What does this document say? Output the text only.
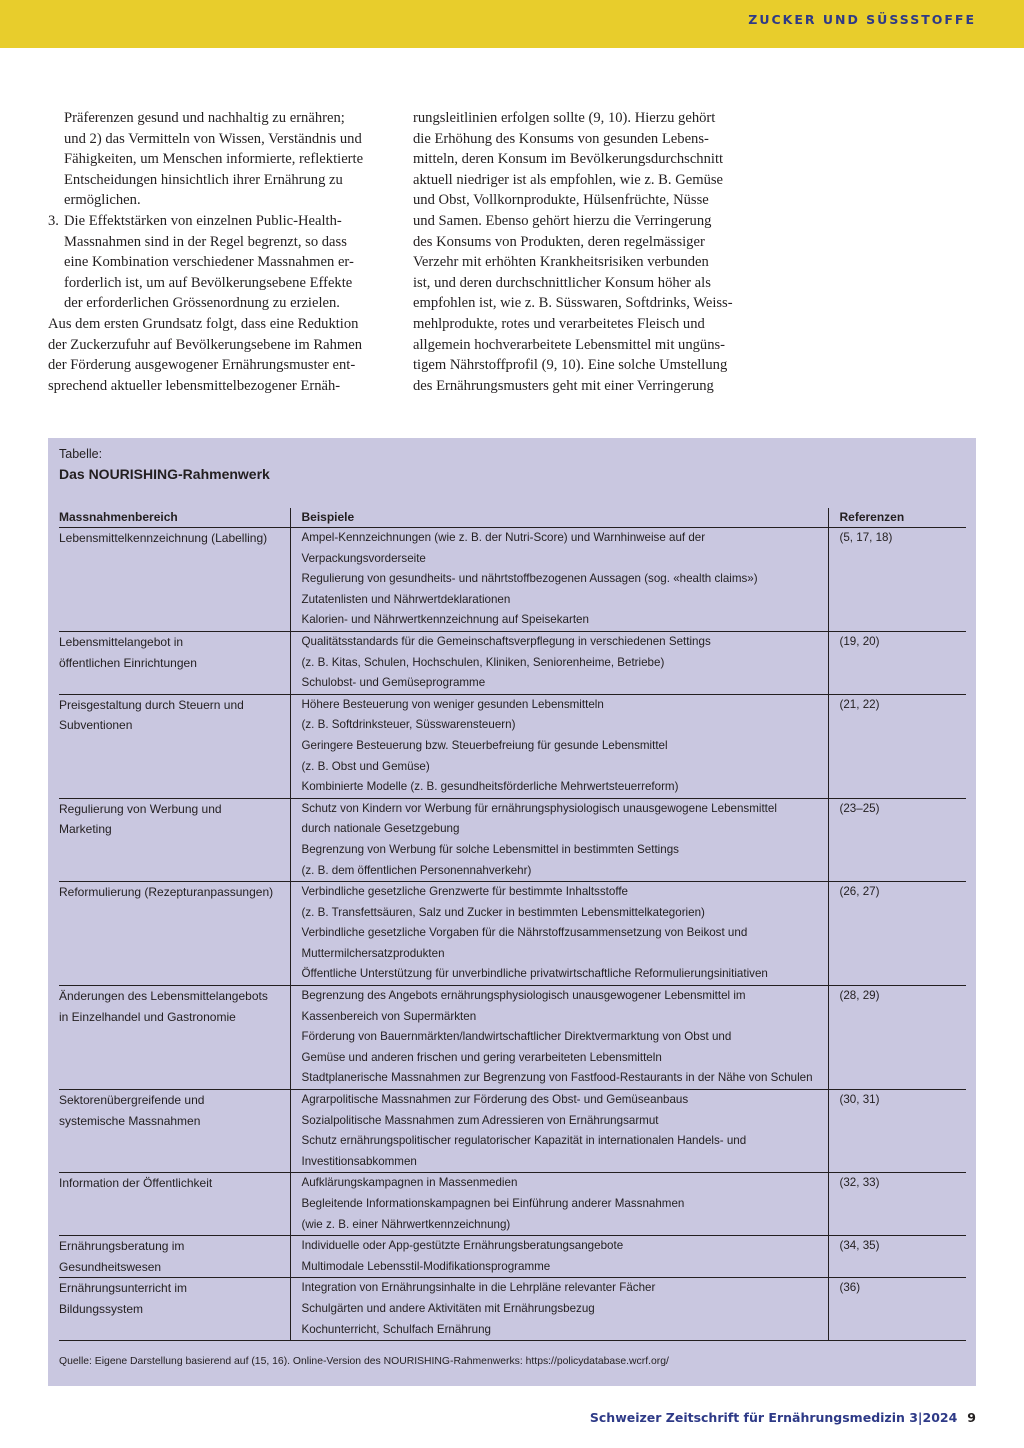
ZUCKER UND SÜSSSTOFFE

Präferenzen gesund und nachhaltig zu ernähren;

und 2) das Vermitteln von Wissen, Verständnis und

Fähigkeiten, um Menschen informierte, reflektierte

Entscheidungen hinsichtlich ihrer Ernährung zu

ermöglichen.

3. Die Effektstärken von einzelnen Public-Health-

Massnahmen sind in der Regel begrenzt, so dass

eine Kombination verschiedener Massnahmen er-

forderlich ist, um auf Bevölkerungsebene Effekte

der erforderlichen Grössenordnung zu erzielen.

Aus dem ersten Grundsatz folgt, dass eine Reduktion

der Zuckerzufuhr auf Bevölkerungsebene im Rahmen

der Förderung ausgewogener Ernährungsmuster ent-

sprechend aktueller lebensmittelbezogener Ernäh-

rungsleitlinien erfolgen sollte (9, 10). Hierzu gehört

die Erhöhung des Konsums von gesunden Lebens-

mitteln, deren Konsum im Bevölkerungsdurchschnitt

aktuell niedriger ist als empfohlen, wie z. B. Gemüse

und Obst, Vollkornprodukte, Hülsenfrüchte, Nüsse

und Samen. Ebenso gehört hierzu die Verringerung

des Konsums von Produkten, deren regelmässiger

Verzehr mit erhöhten Krankheitsrisiken verbunden

ist, und deren durchschnittlicher Konsum höher als

empfohlen ist, wie z. B. Süsswaren, Softdrinks, Weiss-

mehlprodukte, rotes und verarbeitetes Fleisch und

allgemein hochverarbeitete Lebensmittel mit ungüns-

tigem Nährstoffprofil (9, 10). Eine solche Umstellung

des Ernährungsmusters geht mit einer Verringerung

Tabelle:
Das NOURISHING-Rahmenwerk
Massnahmenbereich	Beispiele	Referenzen

Lebensmittelkennzeichnung (Labelling)	Ampel-Kennzeichnungen (wie z. B. der Nutri-Score) und Warnhinweise auf der
Verpackungsvorderseite
Regulierung von gesundheits- und nährtstoffbezogenen Aussagen (sog. «health claims»)
Zutatenlisten und Nährwertdeklarationen
Kalorien- und Nährwertkennzeichnung auf Speisekarten	(5, 17, 18)

Lebensmittelangebot in
öffentlichen Einrichtungen	Qualitätsstandards für die Gemeinschaftsverpflegung in verschiedenen Settings
(z. B. Kitas, Schulen, Hochschulen, Kliniken, Seniorenheime, Betriebe)
Schulobst- und Gemüseprogramme	(19, 20)

Preisgestaltung durch Steuern und
Subventionen	Höhere Besteuerung von weniger gesunden Lebensmitteln
(z. B. Softdrinksteuer, Süsswarensteuern)
Geringere Besteuerung bzw. Steuerbefreiung für gesunde Lebensmittel
(z. B. Obst und Gemüse)
Kombinierte Modelle (z. B. gesundheitsförderliche Mehrwertsteuerreform)	(21, 22)

Regulierung von Werbung und
Marketing	Schutz von Kindern vor Werbung für ernährungsphysiologisch unausgewogene Lebensmittel
durch nationale Gesetzgebung
Begrenzung von Werbung für solche Lebensmittel in bestimmten Settings
(z. B. dem öffentlichen Personennahverkehr)	(23–25)

Reformulierung (Rezepturanpassungen)	Verbindliche gesetzliche Grenzwerte für bestimmte Inhaltsstoffe
(z. B. Transfettsäuren, Salz und Zucker in bestimmten Lebensmittelkategorien)
Verbindliche gesetzliche Vorgaben für die Nährstoffzusammensetzung von Beikost und
Muttermilchersatzprodukten
Öffentliche Unterstützung für unverbindliche privatwirtschaftliche Reformulierungsinitiativen	(26, 27)

Änderungen des Lebensmittelangebots
in Einzelhandel und Gastronomie	Begrenzung des Angebots ernährungsphysiologisch unausgewogener Lebensmittel im
Kassenbereich von Supermärkten
Förderung von Bauernmärkten/landwirtschaftlicher Direktvermarktung von Obst und
Gemüse und anderen frischen und gering verarbeiteten Lebensmitteln
Stadtplanerische Massnahmen zur Begrenzung von Fastfood-Restaurants in der Nähe von Schulen	(28, 29)

Sektorenübergreifende und
systemische Massnahmen	Agrarpolitische Massnahmen zur Förderung des Obst- und Gemüseanbaus
Sozialpolitische Massnahmen zum Adressieren von Ernährungsarmut
Schutz ernährungspolitischer regulatorischer Kapazität in internationalen Handels- und
Investitionsabkommen	(30, 31)

Information der Öffentlichkeit	Aufklärungskampagnen in Massenmedien
Begleitende Informationskampagnen bei Einführung anderer Massnahmen
(wie z. B. einer Nährwertkennzeichnung)	(32, 33)

Ernährungsberatung im
Gesundheitswesen	Individuelle oder App-gestützte Ernährungsberatungsangebote
Multimodale Lebensstil-Modifikationsprogramme	(34, 35)

Ernährungsunterricht im
Bildungssystem	Integration von Ernährungsinhalte in die Lehrpläne relevanter Fächer
Schulgärten und andere Aktivitäten mit Ernährungsbezug
Kochunterricht, Schulfach Ernährung	(36)
Quelle: Eigene Darstellung basierend auf (15, 16). Online-Version des NOURISHING-Rahmenwerks: https://policydatabase.wcrf.org/
Schweizer Zeitschrift für Ernährungsmedizin 3|2024 9
